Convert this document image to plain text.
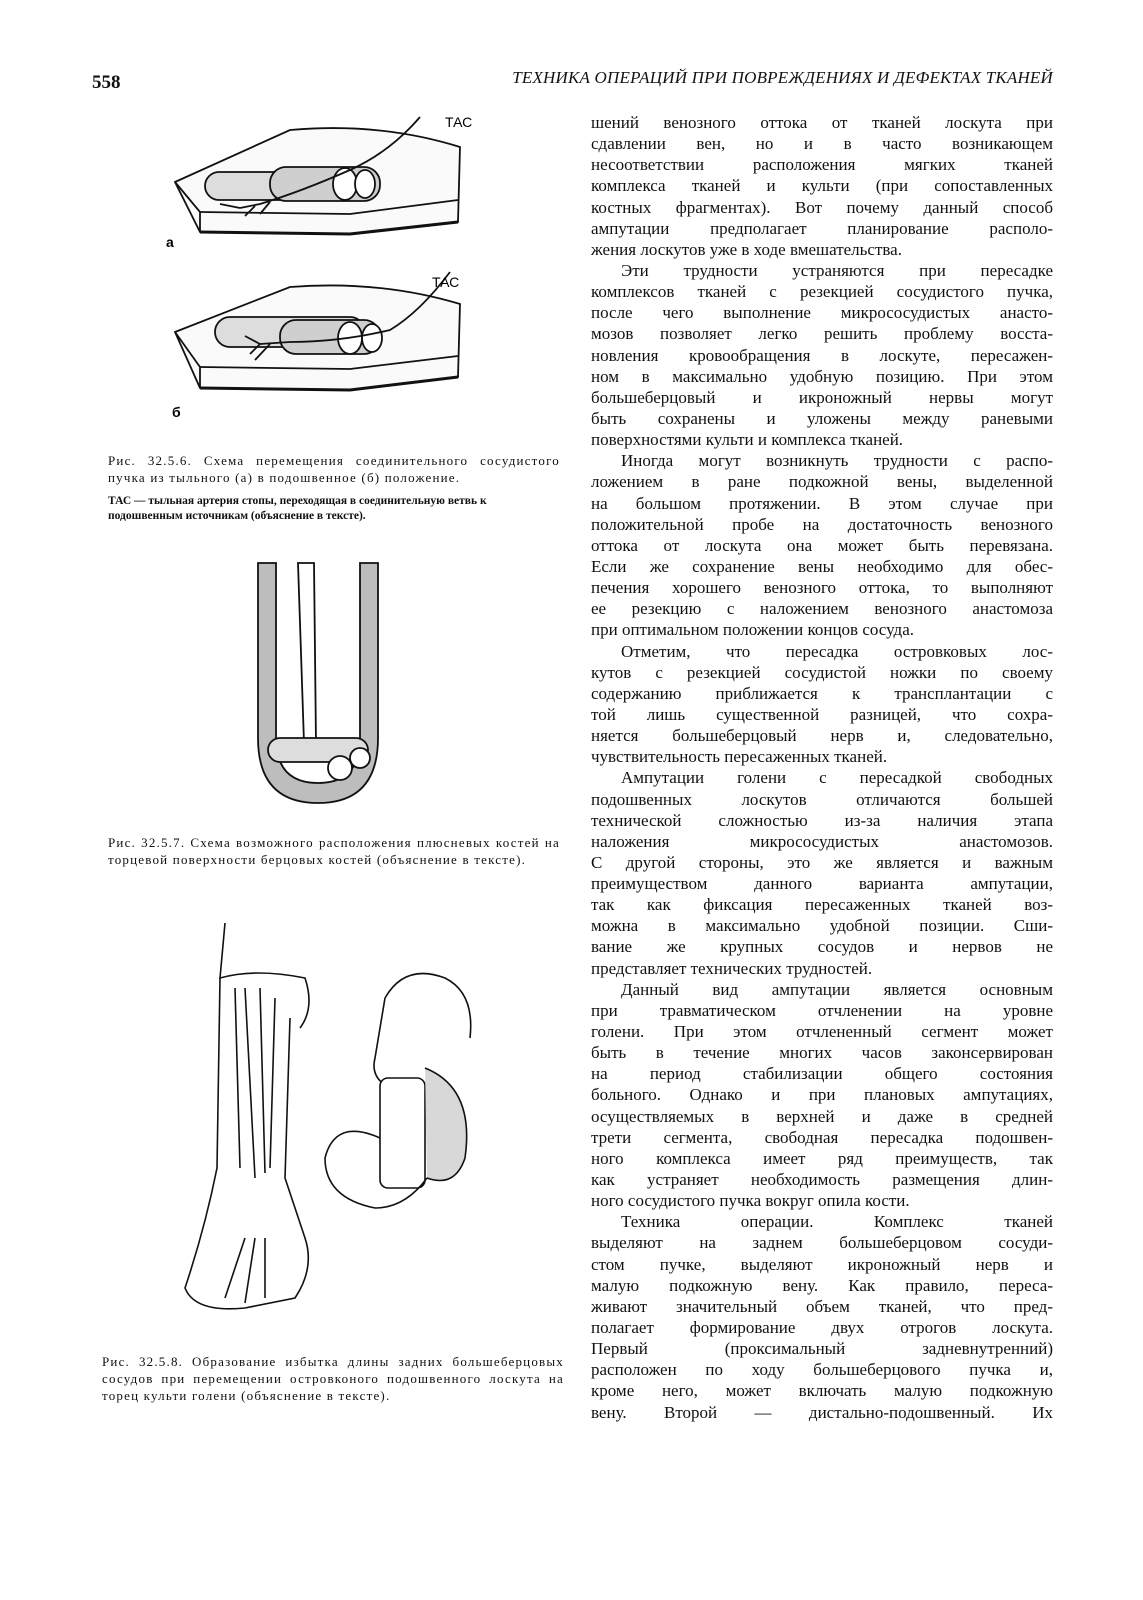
558	ТЕХНИКА ОПЕРАЦИЙ ПРИ ПОВРЕЖДЕНИЯХ И ДЕФЕКТАХ ТКАНЕЙ
ТАС
а
ТАС
б
Рис. 32.5.6. Схема перемещения соединительного сосудистого пучка из тыльного (а) в подошвенное (б) положение.
ТАС — тыльная артерия стопы, переходящая в соединительную ветвь к подошвенным источникам (объяснение в тексте).
Рис. 32.5.7. Схема возможного расположения плюсневых костей на торцевой поверхности берцовых костей (объяснение в тексте).
Рис. 32.5.8. Образование избытка длины задних большеберцовых сосудов при перемещении островконого подошвенного лоскута на торец культи голени (объяснение в тексте).
шений венозного оттока от тканей лоскута при
сдавлении вен, но и в часто возникающем
несоответствии расположения мягких тканей
комплекса тканей и культи (при сопоставленных
костных фрагментах). Вот почему данный способ
ампутации предполагает планирование располо-
жения лоскутов уже в ходе вмешательства.
Эти трудности устраняются при пересадке
комплексов тканей с резекцией сосудистого пучка,
после чего выполнение микрососудистых анасто-
мозов позволяет легко решить проблему восста-
новления кровообращения в лоскуте, пересажен-
ном в максимально удобную позицию. При этом
большеберцовый и икроножный нервы могут
быть сохранены и уложены между раневыми
поверхностями культи и комплекса тканей.
Иногда могут возникнуть трудности с распо-
ложением в ране подкожной вены, выделенной
на большом протяжении. В этом случае при
положительной пробе на достаточность венозного
оттока от лоскута она может быть перевязана.
Если же сохранение вены необходимо для обес-
печения хорошего венозного оттока, то выполняют
ее резекцию с наложением венозного анастомоза
при оптимальном положении концов сосуда.
Отметим, что пересадка островковых лос-
кутов с резекцией сосудистой ножки по своему
содержанию приближается к трансплантации с
той лишь существенной разницей, что сохра-
няется большеберцовый нерв и, следовательно,
чувствительность пересаженных тканей.
Ампутации голени с пересадкой свободных
подошвенных лоскутов отличаются большей
технической сложностью из-за наличия этапа
наложения микрососудистых анастомозов.
С другой стороны, это же является и важным
преимуществом данного варианта ампутации,
так как фиксация пересаженных тканей воз-
можна в максимально удобной позиции. Сши-
вание же крупных сосудов и нервов не
представляет технических трудностей.
Данный вид ампутации является основным
при травматическом отчленении на уровне
голени. При этом отчлененный сегмент может
быть в течение многих часов законсервирован
на период стабилизации общего состояния
больного. Однако и при плановых ампутациях,
осуществляемых в верхней и даже в средней
трети сегмента, свободная пересадка подошвен-
ного комплекса имеет ряд преимуществ, так
как устраняет необходимость размещения длин-
ного сосудистого пучка вокруг опила кости.
Техника операции. Комплекс тканей
выделяют на заднем большеберцовом сосуди-
стом пучке, выделяют икроножный нерв и
малую подкожную вену. Как правило, переса-
живают значительный объем тканей, что пред-
полагает формирование двух отрогов лоскута.
Первый (проксимальный задневнутренний)
расположен по ходу большеберцового пучка и,
кроме него, может включать малую подкожную
вену. Второй — дистально-подошвенный. Их
